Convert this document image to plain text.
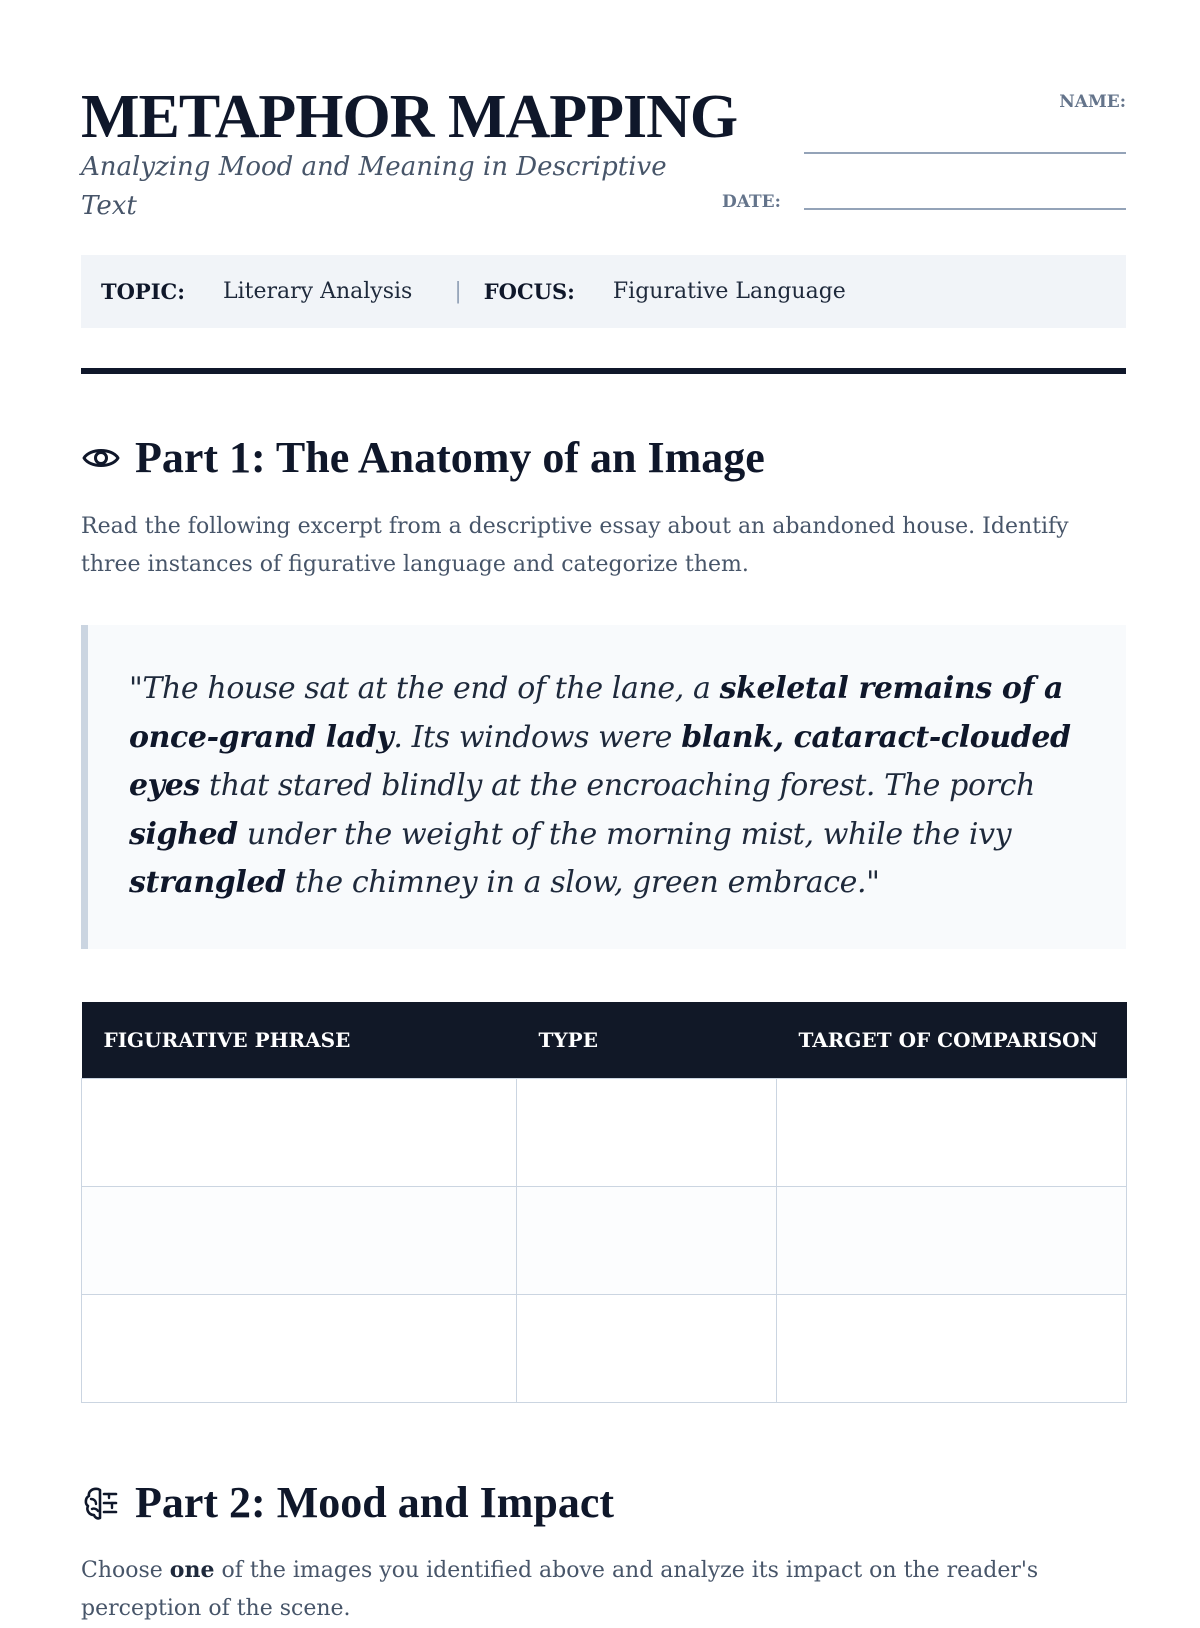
METAPHOR MAPPING
Analyzing Mood and Meaning in Descriptive Text
NAME:
DATE:
TOPIC: Literary Analysis | FOCUS: Figurative Language
Part 1: The Anatomy of an Image
Read the following excerpt from a descriptive essay about an abandoned house. Identify three instances of figurative language and categorize them.
"The house sat at the end of the lane, a skeletal remains of a once-grand lady. Its windows were blank, cataract-clouded eyes that stared blindly at the encroaching forest. The porch sighed under the weight of the morning mist, while the ivy strangled the chimney in a slow, green embrace."
FIGURATIVE PHRASE	TYPE	TARGET OF COMPARISON

Part 2: Mood and Impact
Choose one of the images you identified above and analyze its impact on the reader's perception of the scene.
